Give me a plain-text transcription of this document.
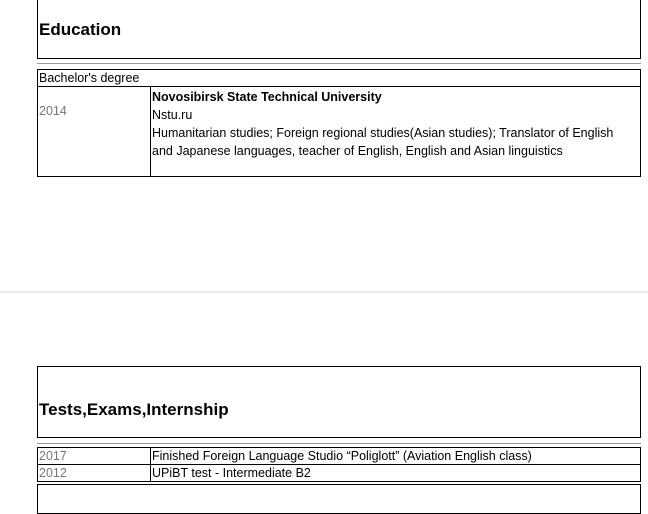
Education
Bachelor's degree
2014
Novosibirsk State Technical University
Nstu.ru
Humanitarian studies; Foreign regional studies(Asian studies); Translator of English and Japanese languages, teacher of English, English and Asian linguistics
Tests,Exams,Internship
2017	Finished Foreign Language Studio “Poliglott” (Aviation English class)
2012	UPiBT test - Intermediate B2
